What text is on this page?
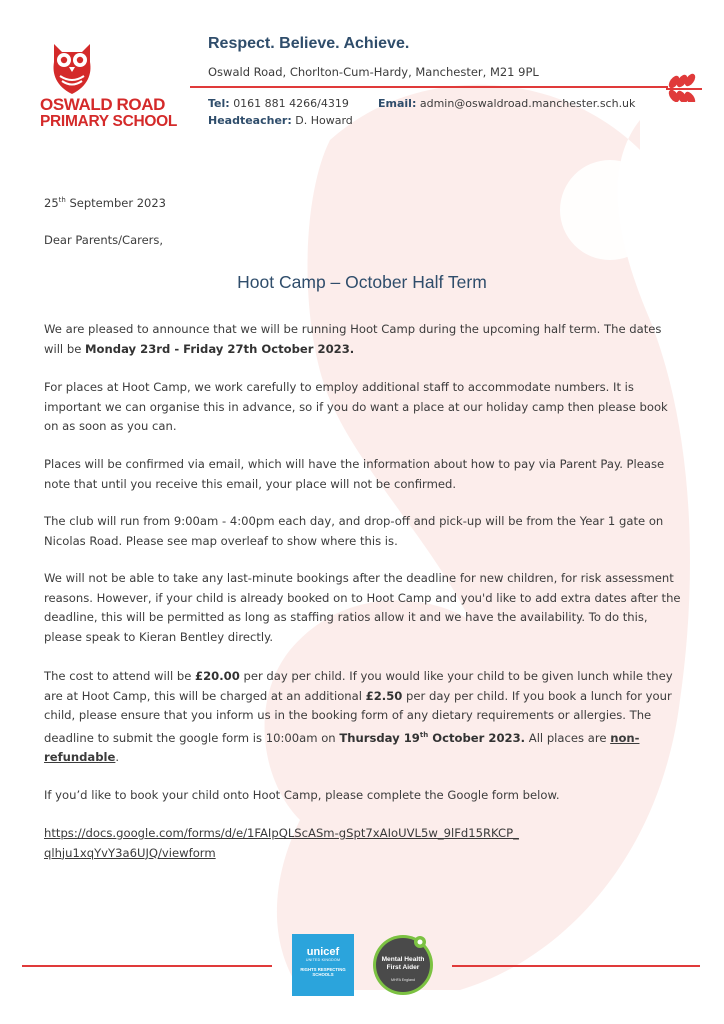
OSWALD ROAD
PRIMARY SCHOOL
Respect. Believe. Achieve.
Oswald Road, Chorlton-Cum-Hardy, Manchester, M21 9PL
Tel: 0161 881 4266/4319	Email: admin@oswaldroad.manchester.sch.uk
Headteacher: D. Howard
25th September 2023
Dear Parents/Carers,
Hoot Camp – October Half Term
We are pleased to announce that we will be running Hoot Camp during the upcoming half term. The dates will be Monday 23rd - Friday 27th October 2023.
For places at Hoot Camp, we work carefully to employ additional staff to accommodate numbers. It is important we can organise this in advance, so if you do want a place at our holiday camp then please book on as soon as you can.
Places will be confirmed via email, which will have the information about how to pay via Parent Pay. Please note that until you receive this email, your place will not be confirmed.
The club will run from 9:00am - 4:00pm each day, and drop-off and pick-up will be from the Year 1 gate on Nicolas Road. Please see map overleaf to show where this is.
We will not be able to take any last-minute bookings after the deadline for new children, for risk assessment reasons. However, if your child is already booked on to Hoot Camp and you'd like to add extra dates after the deadline, this will be permitted as long as staffing ratios allow it and we have the availability. To do this, please speak to Kieran Bentley directly.
The cost to attend will be £20.00 per day per child. If you would like your child to be given lunch while they are at Hoot Camp, this will be charged at an additional £2.50 per day per child. If you book a lunch for your child, please ensure that you inform us in the booking form of any dietary requirements or allergies. The deadline to submit the google form is 10:00am on Thursday 19th October 2023. All places are non-refundable.
If you’d like to book your child onto Hoot Camp, please complete the Google form below.
https://docs.google.com/forms/d/e/1FAIpQLScASm-gSpt7xAIoUVL5w_9lFd15RKCP_qlhju1xqYvY3a6UJQ/viewform
unicef
UNITED KINGDOM
RIGHTS RESPECTING SCHOOLS
Mental Health
First Aider
MHFA England
